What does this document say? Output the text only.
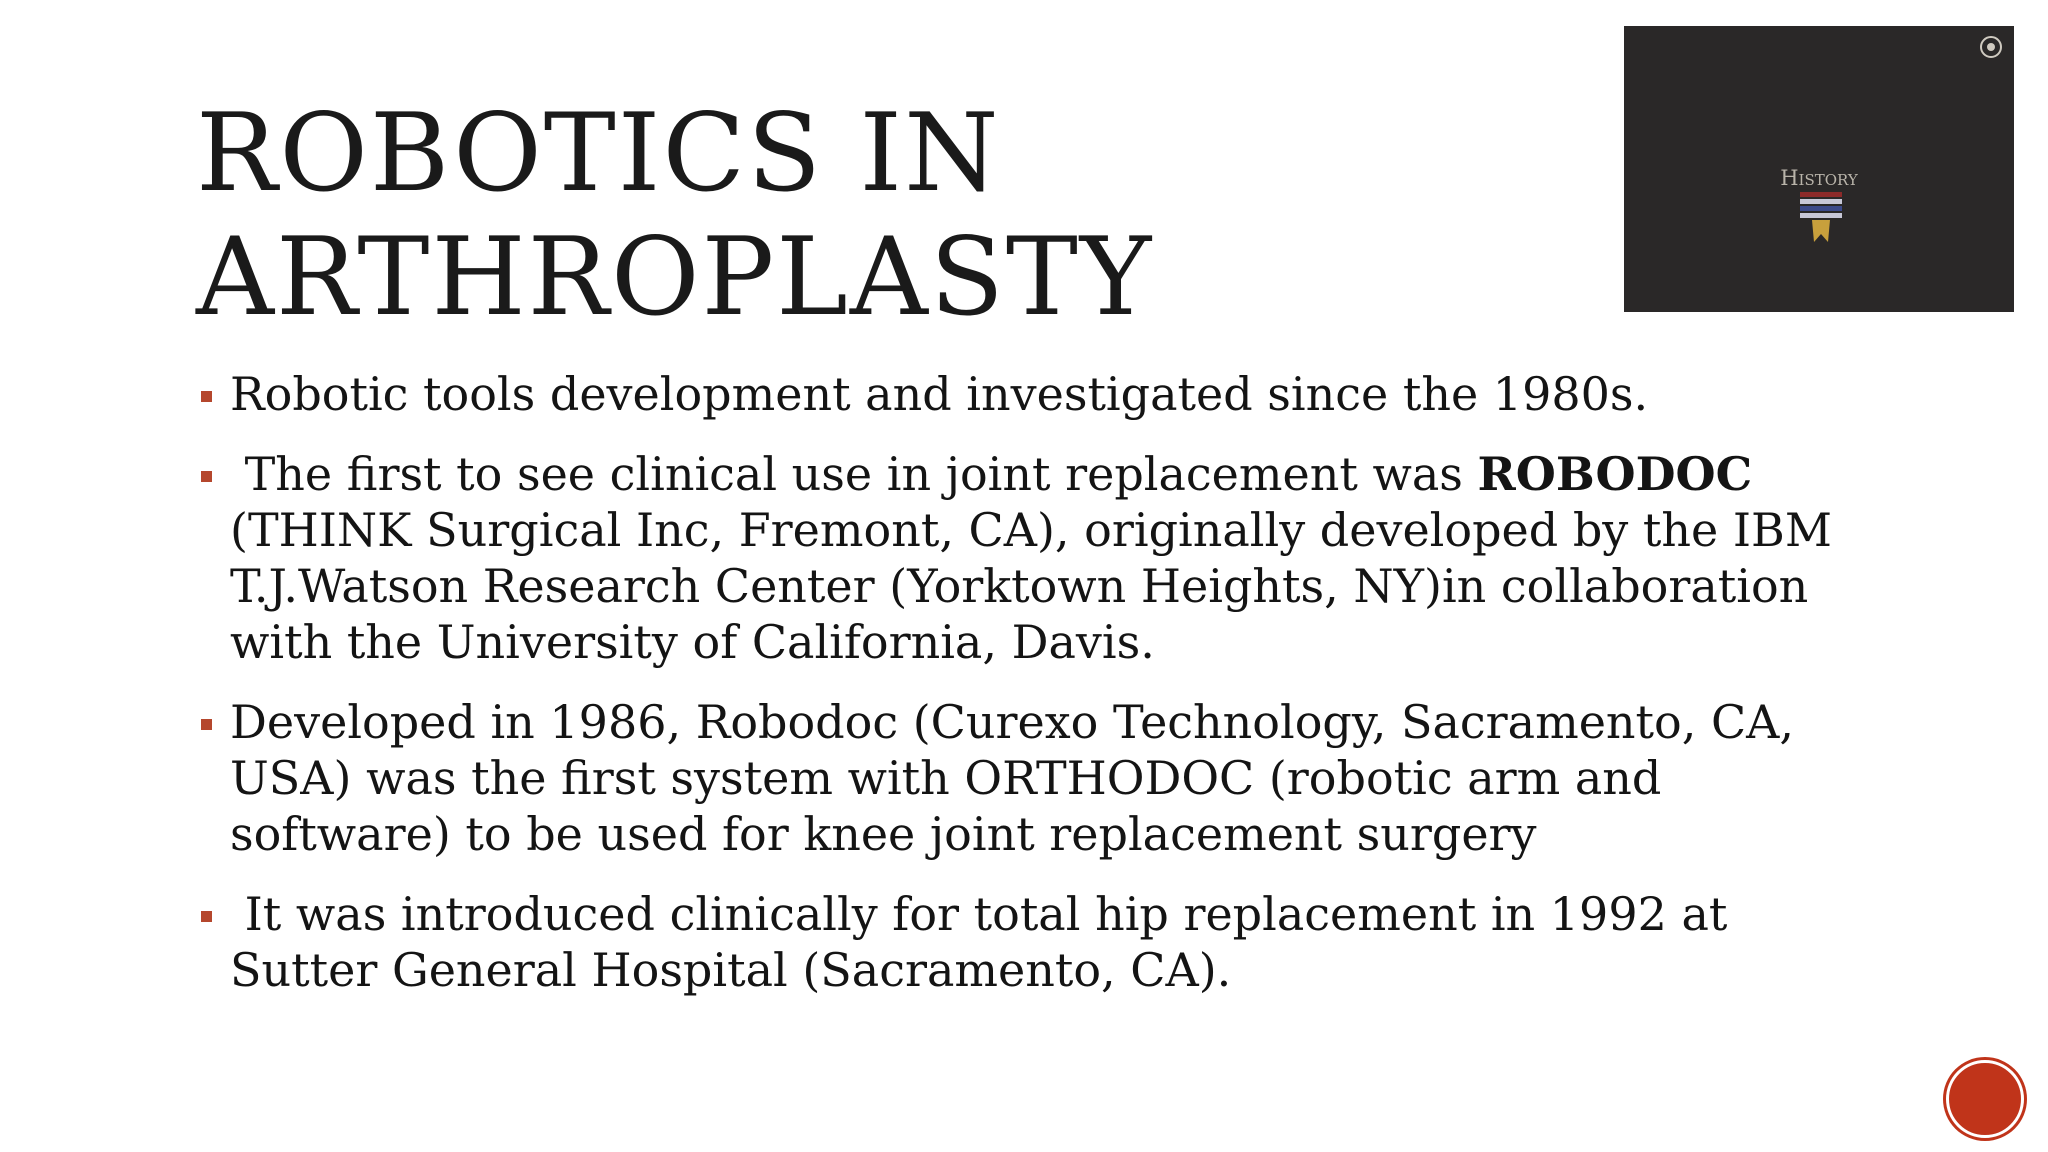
ROBOTICS IN
ARTHROPLASTY
History
Robotic tools development and investigated since the 1980s.
The first to see clinical use in joint replacement was ROBODOC (THINK Surgical Inc, Fremont, CA), originally developed by the IBM T.J.Watson Research Center (Yorktown Heights, NY)in collaboration with the University of California, Davis.
Developed in 1986, Robodoc (Curexo Technology, Sacramento, CA, USA) was the first system with ORTHODOC (robotic arm and software) to be used for knee joint replacement surgery
It was introduced clinically for total hip replacement in 1992 at Sutter General Hospital (Sacramento, CA).
